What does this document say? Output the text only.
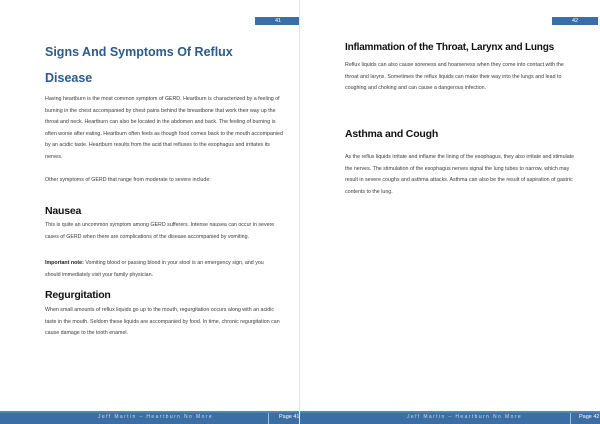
41
Signs And Symptoms Of Reflux Disease

Having heartburn is the most common symptom of GERD. Heartburn is characterized by a feeling of burning in the chest accompanied by chest pains behind the breastbone that work their way up the throat and neck. Heartburn can also be located in the abdomen and back. The feeling of burning is often worse after eating. Heartburn often feels as though food comes back to the mouth accompanied by an acidic taste. Heartburn results from the acid that refluxes to the esophagus and irritates its nerves.

Other symptoms of GERD that range from moderate to severe include:

Nausea

This is quite an uncommon symptom among GERD sufferers. Intense nausea can occur in severe cases of GERD when there are complications of the disease accompanied by vomiting.

Important note: Vomiting blood or passing blood in your stool is an emergency sign, and you should immediately visit your family physician.

Regurgitation

When small amounts of reflux liquids go up to the mouth, regurgitation occurs along with an acidic taste in the mouth. Seldom these liquids are accompanied by food. In time, chronic regurgitation can cause damage to the tooth enamel.

Jeff Martin – Heartburn No More	Page 41
42
Inflammation of the Throat, Larynx and Lungs

Reflux liquids can also cause soreness and hoarseness when they come into contact with the throat and larynx. Sometimes the reflux liquids can make their way into the lungs and lead to coughing and choking and can cause a dangerous infection.

Asthma and Cough

As the reflux liquids irritate and inflame the lining of the esophagus, they also irritate and stimulate the nerves. The stimulation of the esophagus nerves signal the lung tubes to narrow, which may result in severe coughs and asthma attacks. Asthma can also be the result of aspiration of gastric contents to the lung.

Jeff Martin – Heartburn No More	Page 42
